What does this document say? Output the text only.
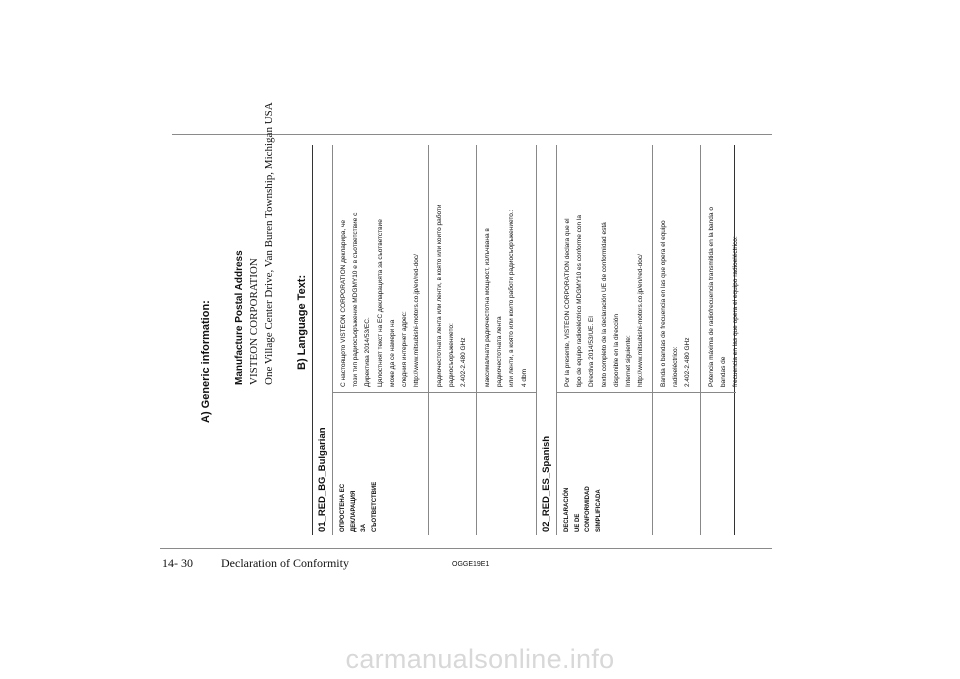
A) Generic information: Manufacture Postal Address VISTEON CORPORATION One Village Center Drive, Van Buren Township, Michigan USA B) Language Text:
01_RED_BG_Bulgarian	ОПРОСТЕНА ЕС ДЕКЛАРАЦИЯ ЗА СЪОТВЕТСТВИЕ
С настоящото VISTEON CORPORATION декларира, че този тип радиосъоръжение MDGMY10 е в съответствие с Директива 2014/53/ЕС. Цялостният текст на ЕС декларацията за съответствие може да се намери на следния интернет адрес: http://www.mitsubishi-motors.co.jp/en/red-doc/	радиочестотната лента или ленти, в която или които работи радиосъоръжението: 2.402-2.480 GHz	максималната радиочестотна мощност, излъчвана в радиочестотната лента или ленти, в която или които работи радиосъоръжението.: 4 dbm
02_RED_ES_Spanish	DECLARACIÓN UE DE CONFORMIDAD SIMPLIFICADA
Por la presente, VISTEON CORPORATION declara que el tipo de equipo radioeléctrico MDGMY10 es conforme con la Directiva 2014/53/UE. El texto completo de la declaración UE de conformidad está disponible en la dirección Internet siguiente: http://www.mitsubishi-motors.co.jp/en/red-doc/	Banda o bandas de frecuencia en las que opera el equipo radioeléctrico: 2.402-2.480 GHz	Potencia máxima de radiofrecuencia transmitida en la banda o bandas de frecuencia en las que opera el equipo radioeléctrico:
14- 30 Declaration of Conformity	OGGE19E1
carmanualsonline.info
